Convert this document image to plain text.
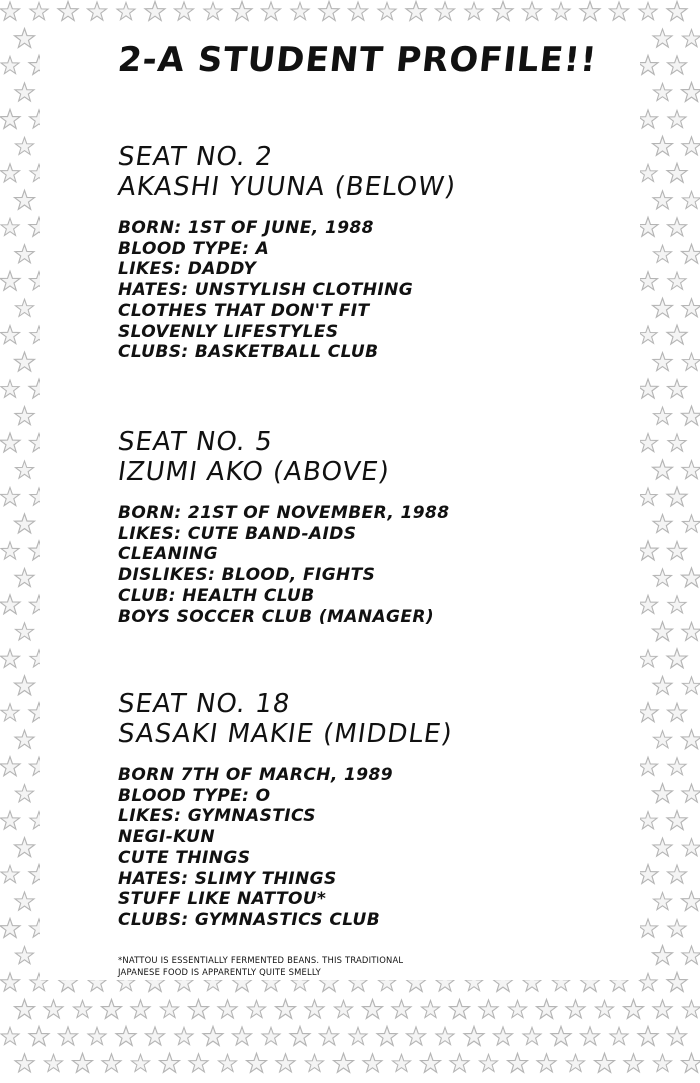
2-A STUDENT PROFILE!!
SEAT NO. 2
AKASHI YUUNA (BELOW)
BORN: 1ST OF JUNE, 1988
BLOOD TYPE: A
LIKES: DADDY
HATES: UNSTYLISH CLOTHING
CLOTHES THAT DON'T FIT
SLOVENLY LIFESTYLES
CLUBS: BASKETBALL CLUB
SEAT NO. 5
IZUMI AKO (ABOVE)
BORN: 21ST OF NOVEMBER, 1988
LIKES: CUTE BAND-AIDS
CLEANING
DISLIKES: BLOOD, FIGHTS
CLUB: HEALTH CLUB
BOYS SOCCER CLUB (MANAGER)
SEAT NO. 18
SASAKI MAKIE (MIDDLE)
BORN 7TH OF MARCH, 1989
BLOOD TYPE: O
LIKES: GYMNASTICS
NEGI-KUN
CUTE THINGS
HATES: SLIMY THINGS
STUFF LIKE NATTOU*
CLUBS: GYMNASTICS CLUB
*NATTOU IS ESSENTIALLY FERMENTED BEANS. THIS TRADITIONAL
JAPANESE FOOD IS APPARENTLY QUITE SMELLY
